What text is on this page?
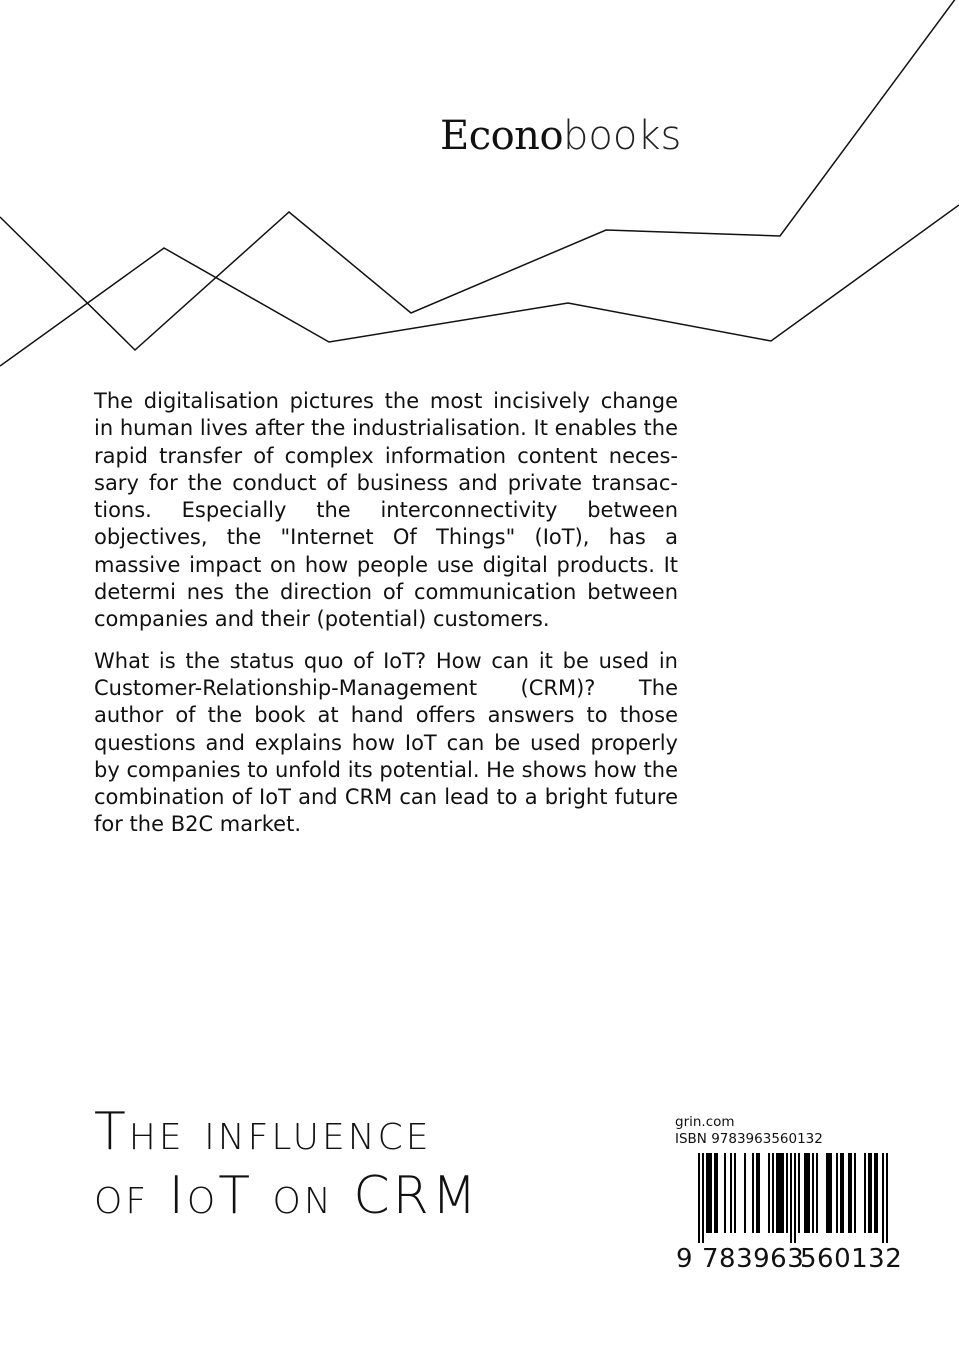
Econobooks

The digitalisation pictures the most incisively change in human lives after the industrialisation. It enables the rapid transfer of complex information content necessary for the conduct of business and private transactions. Especially the interconnectivity between objectives, the "Internet Of Things" (IoT), has a massive impact on how people use digital products. It determi nes the direction of communication between companies and their (potential) customers.

What is the status quo of IoT? How can it be used in Customer-Relationship-Management (CRM)? The author of the book at hand offers answers to those questions and explains how IoT can be used properly by companies to unfold its potential. He shows how the combination of IoT and CRM can lead to a bright future for the B2C market.

The influence
of IoT on CRM
grin.com
ISBN 9783963560132
9 783963
560132
